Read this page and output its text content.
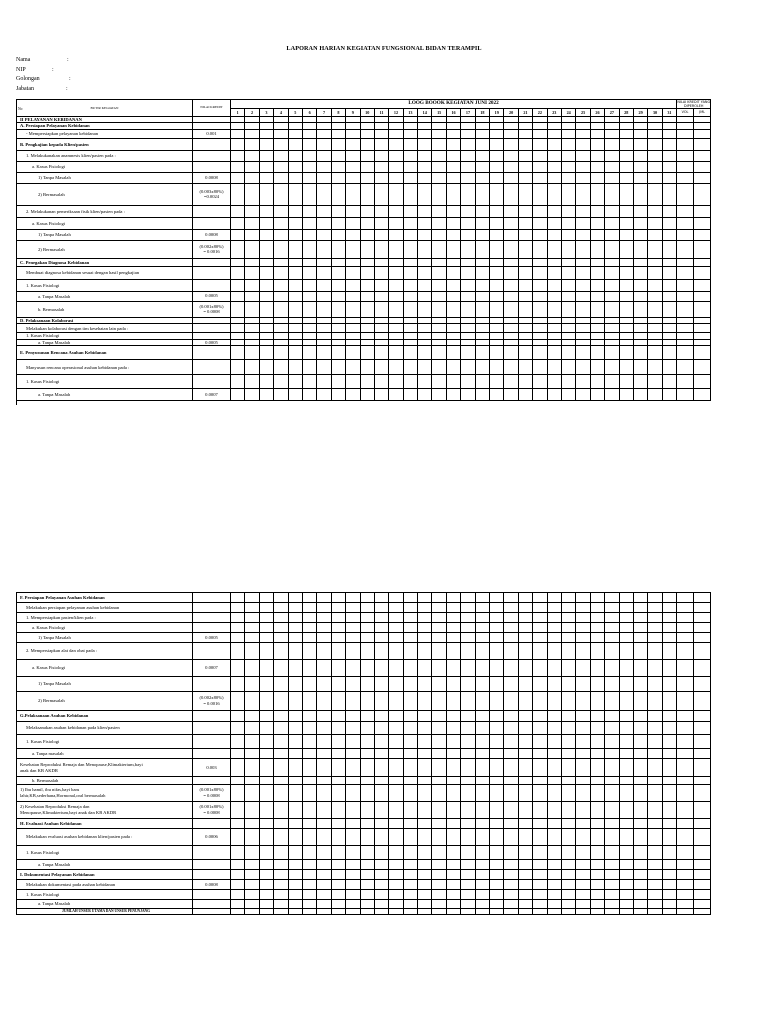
LAPORAN HARIAN KEGIATAN FUNGSIONAL BIDAN TERAMPIL
Nama	:
NIP	:
Golongan	:
Jabatan	:
No BUTIR KEGIATAN	NILAI KREDIT	LOOG BOOOK KEGIATAN JUNI 2022																															NILAI KREDIT YANG DIPEROLEH	
		1	2	3	4	5	6	7	8	9	10	11	12	13	14	15	16	17	18	19	20	21	22	23	24	25	26	27	28	29	30	31	VOL	JML
II PELAYANAN KEBIDANAN																																		
A. Persiapan Pelayanan Kebidanan																																		
- Mempersiapkan pelayanan kebidanan	0.001																																	
B. Pengkajian kepada Klien/pasien																																		
1. Melakukanakan anamnesis klien/pasien pada :																																		
a. Kasus Fisiologi																																		
1) Tanpa Masalah	0.0008																																	
2) Bermasalah	(0.003x80%)
=0.0024																																	
2. Melakukanan pemeriksaan fisik klien/pasien pada :																																		
a. Kasus Fisiologi																																		
1) Tanpa Masalah	0.0008																																	
2) Bermasalah	(0.002x80%)
= 0.0016																																	
C. Penegakan Diagnosa Kebidanan																																		
Membuat diagnosa kebidanan sesuai dengan hasil pengkajian																																		
1. Kasus Fisiologi																																		
a. Tanpa Masalah	0.0005																																	
b. Bermasalah	(0.001x80%)
= 0.0008																																	
D. Pelaksanaan Kolaborasi																																		
Melakukan kolaborasi dengan tim kesehatan lain pada :																																		
1. Kasus Fisiologi																																		
a. Tanpa Masalah	0.0005																																	
E. Penyusunan Rencana Asuhan Kebidanan																																		
Manyusun rencana operasional asuhan kebidanan pada :																																		
1. Kasus Fisiologi																																		
a. Tanpa Masalah	0.0007																																	
F. Persiapan Pelayanan Asuhan Kebidanan																																		
Melakukan persiapan pelayanan asuhan kebidanan																																		
1. Mempersiapkan pasien/klien pada :																																		
a. Kasus Fisiologi																																		
1) Tanpa Masalah	0.0005																																	
2. Mempersiapkan alat dan obat pada :																																		
a. Kasus Fisiologi	0.0007																																	
1) Tanpa Masalah																																		
2) Bermasalah	(0.002x80%)
= 0.0016																																	
G.Pelaksanaan Asuhan Kebidanan																																		
Melaksanakan asuhan kebidanan pada klien/pasien																																		
1. Kasus Fisiologi																																		
a. Tanpa masalah																																		
Kesehatan Reproduksi Remaja dan Menopause,Klimakterium,bayi
anak dan KB AKDR	0.003																																	
b. Bermasalah																																		
1) Ibu hamil, ibu nifas,bayi baru
lahir,KB,sederhana,Hormonal,oral bermasalah	(0.001x80%)
= 0.0008																																	
2) Kesehatan Reproduksi Remaja dan
Menopause,Klimakterium,bayi anak dan KB AKDR	(0.001x80%)
= 0.0008																																	
H. Evaluasi Asuhan Kebidanan																																		
Melakukan evaluasi asuhan kebidanan klien/pasien pada :	0.0006																																	
1. Kasus Fisiologi																																		
a. Tanpa Masalah																																		
I. Dokumentasi Pelayanan Kebidanan																																		
Melakukan dokumentasi pada asuhan kebidanan	0.0008																																	
1. Kasus Fisiologi																																		
a. Tanpa Masalah																																		
JUMLAH UNSUR UTAMA DAN UNSUR PENUNJANG																																		
